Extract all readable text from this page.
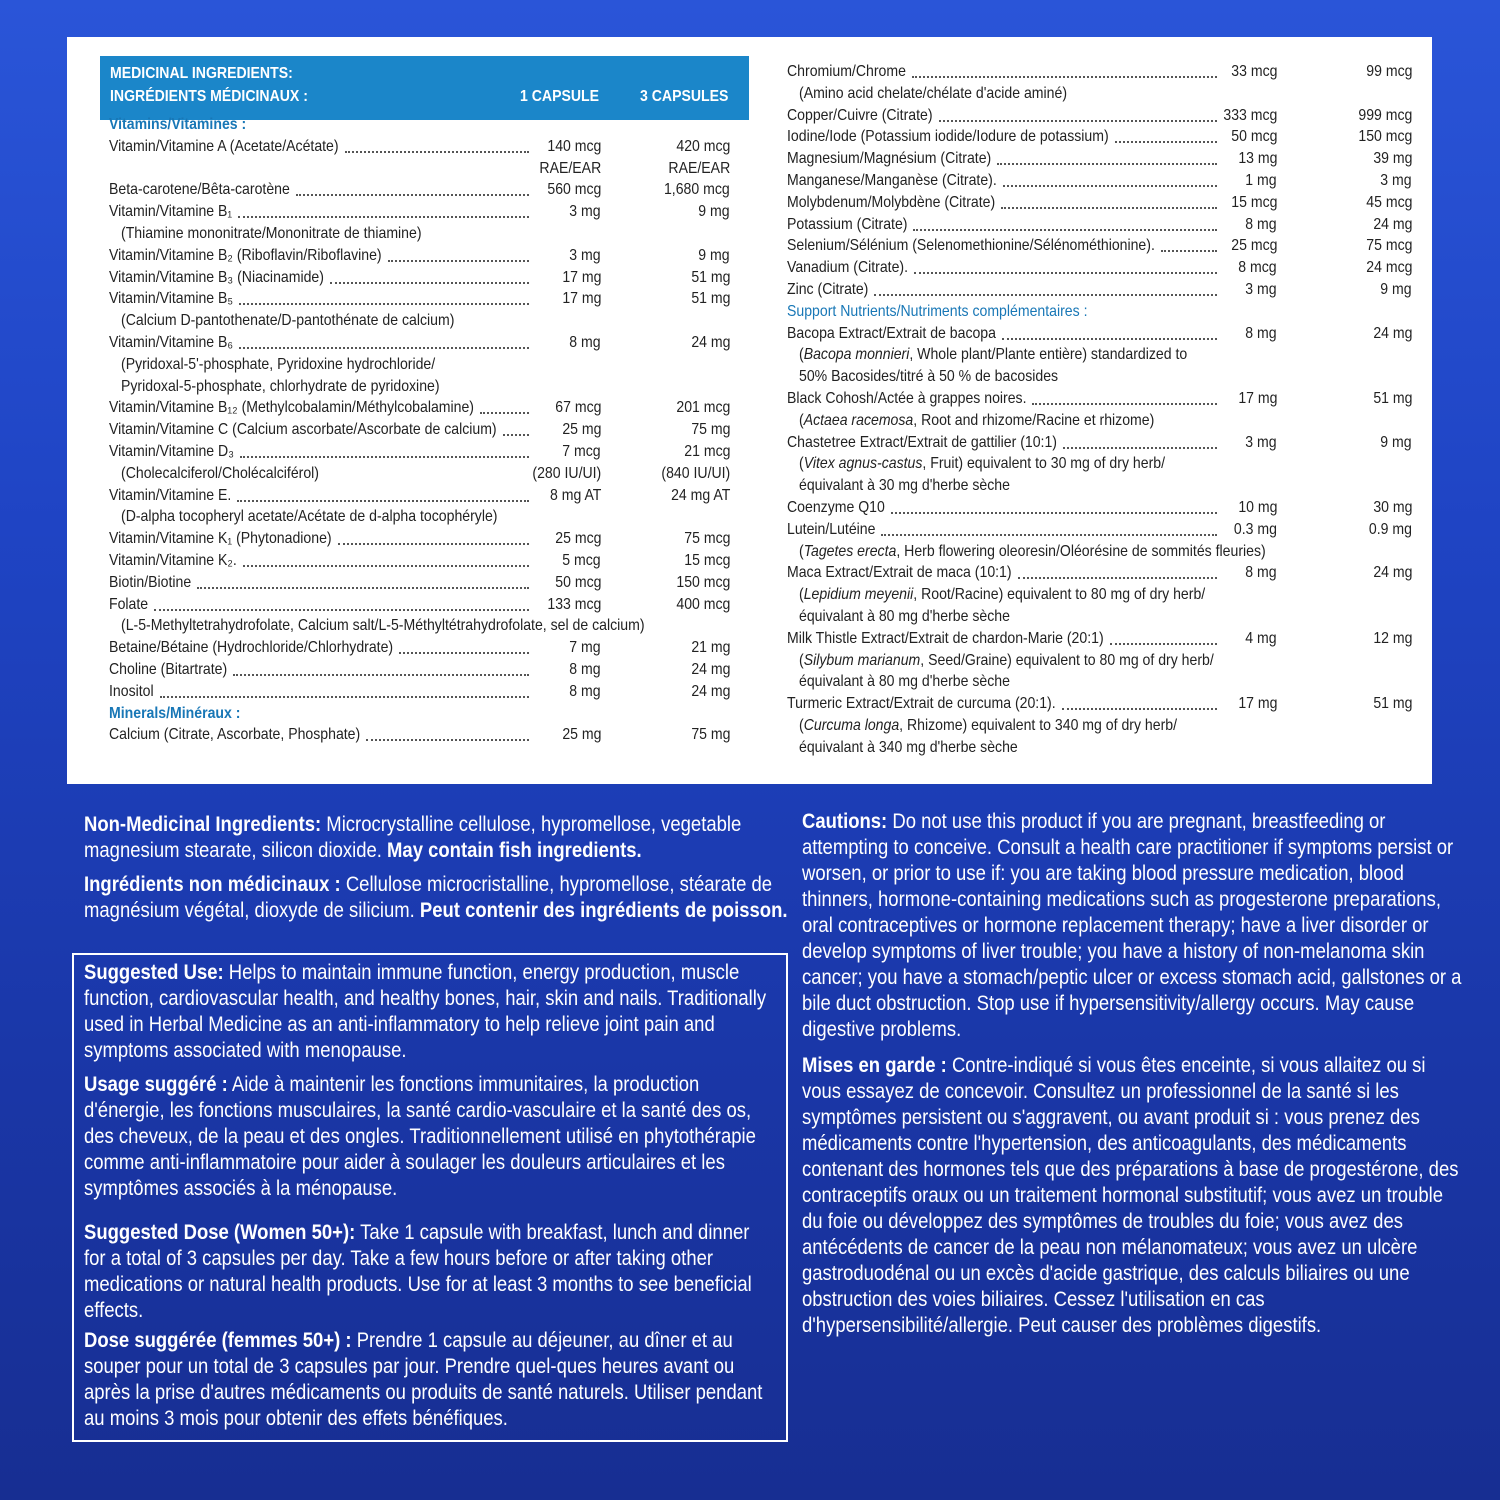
MEDICINAL INGREDIENTS:
INGRÉDIENTS MÉDICINAUX :	1 CAPSULE	3 CAPSULES
Vitamins/Vitamines :
Vitamin/Vitamine A (Acetate/Acétate)	140 mcg	420 mcg
RAE/EAR	RAE/EAR
Beta-carotene/Bêta-carotène	560 mcg	1,680 mcg
Vitamin/Vitamine B₁	3 mg	9 mg
(Thiamine mononitrate/Mononitrate de thiamine)
Vitamin/Vitamine B₂ (Riboflavin/Riboflavine)	3 mg	9 mg
Vitamin/Vitamine B₃ (Niacinamide)	17 mg	51 mg
Vitamin/Vitamine B₅	17 mg	51 mg
(Calcium D-pantothenate/D-pantothénate de calcium)
Vitamin/Vitamine B₆	8 mg	24 mg
(Pyridoxal-5'-phosphate, Pyridoxine hydrochloride/
Pyridoxal-5-phosphate, chlorhydrate de pyridoxine)
Vitamin/Vitamine B₁₂ (Methylcobalamin/Méthylcobalamine)	67 mcg	201 mcg
Vitamin/Vitamine C (Calcium ascorbate/Ascorbate de calcium)	25 mg	75 mg
Vitamin/Vitamine D₃	7 mcg	21 mcg
(Cholecalciferol/Cholécalciférol)	(280 IU/UI)	(840 IU/UI)
Vitamin/Vitamine E.	8 mg AT	24 mg AT
(D-alpha tocopheryl acetate/Acétate de d-alpha tocophéryle)
Vitamin/Vitamine K₁ (Phytonadione)	25 mcg	75 mcg
Vitamin/Vitamine K₂.	5 mcg	15 mcg
Biotin/Biotine	50 mcg	150 mcg
Folate	133 mcg	400 mcg
(L-5-Methyltetrahydrofolate, Calcium salt/L-5-Méthyltétrahydrofolate, sel de calcium)
Betaine/Bétaine (Hydrochloride/Chlorhydrate)	7 mg	21 mg
Choline (Bitartrate)	8 mg	24 mg
Inositol	8 mg	24 mg
Minerals/Minéraux :
Calcium (Citrate, Ascorbate, Phosphate)	25 mg	75 mg
Chromium/Chrome	33 mcg	99 mcg
(Amino acid chelate/chélate d'acide aminé)
Copper/Cuivre (Citrate)	333 mcg	999 mcg
Iodine/Iode (Potassium iodide/Iodure de potassium)	50 mcg	150 mcg
Magnesium/Magnésium (Citrate)	13 mg	39 mg
Manganese/Manganèse (Citrate).	1 mg	3 mg
Molybdenum/Molybdène (Citrate)	15 mcg	45 mcg
Potassium (Citrate)	8 mg	24 mg
Selenium/Sélénium (Selenomethionine/Sélénométhionine).	25 mcg	75 mcg
Vanadium (Citrate).	8 mcg	24 mcg
Zinc (Citrate)	3 mg	9 mg
Support Nutrients/Nutriments complémentaires :
Bacopa Extract/Extrait de bacopa	8 mg	24 mg
(Bacopa monnieri, Whole plant/Plante entière) standardized to
50% Bacosides/titré à 50 % de bacosides
Black Cohosh/Actée à grappes noires.	17 mg	51 mg
(Actaea racemosa, Root and rhizome/Racine et rhizome)
Chastetree Extract/Extrait de gattilier (10:1)	3 mg	9 mg
(Vitex agnus-castus, Fruit) equivalent to 30 mg of dry herb/
équivalant à 30 mg d'herbe sèche
Coenzyme Q10	10 mg	30 mg
Lutein/Lutéine	0.3 mg	0.9 mg
(Tagetes erecta, Herb flowering oleoresin/Oléorésine de sommités fleuries)
Maca Extract/Extrait de maca (10:1)	8 mg	24 mg
(Lepidium meyenii, Root/Racine) equivalent to 80 mg of dry herb/
équivalant à 80 mg d'herbe sèche
Milk Thistle Extract/Extrait de chardon-Marie (20:1)	4 mg	12 mg
(Silybum marianum, Seed/Graine) equivalent to 80 mg of dry herb/
équivalant à 80 mg d'herbe sèche
Turmeric Extract/Extrait de curcuma (20:1).	17 mg	51 mg
(Curcuma longa, Rhizome) equivalent to 340 mg of dry herb/
équivalant à 340 mg d'herbe sèche

Non-Medicinal Ingredients: Microcrystalline cellulose, hypromellose, vegetable magnesium stearate, silicon dioxide. May contain fish ingredients.

Ingrédients non médicinaux : Cellulose microcristalline, hypromellose, stéarate de magnésium végétal, dioxyde de silicium. Peut contenir des ingrédients de poisson.

Suggested Use: Helps to maintain immune function, energy production, muscle function, cardiovascular health, and healthy bones, hair, skin and nails. Traditionally used in Herbal Medicine as an anti-inflammatory to help relieve joint pain and symptoms associated with menopause.

Usage suggéré : Aide à maintenir les fonctions immunitaires, la production d'énergie, les fonctions musculaires, la santé cardio-vasculaire et la santé des os, des cheveux, de la peau et des ongles. Traditionnellement utilisé en phytothérapie comme anti-inflammatoire pour aider à soulager les douleurs articulaires et les symptômes associés à la ménopause.

Suggested Dose (Women 50+): Take 1 capsule with breakfast, lunch and dinner for a total of 3 capsules per day. Take a few hours before or after taking other medications or natural health products. Use for at least 3 months to see beneficial effects.

Dose suggérée (femmes 50+) : Prendre 1 capsule au déjeuner, au dîner et au souper pour un total de 3 capsules par jour. Prendre quel-ques heures avant ou après la prise d'autres médicaments ou produits de santé naturels. Utiliser pendant au moins 3 mois pour obtenir des effets bénéfiques.

Cautions: Do not use this product if you are pregnant, breastfeeding or attempting to conceive. Consult a health care practitioner if symptoms persist or worsen, or prior to use if: you are taking blood pressure medication, blood thinners, hormone-containing medications such as progesterone preparations, oral contraceptives or hormone replacement therapy; have a liver disorder or develop symptoms of liver trouble; you have a history of non-melanoma skin cancer; you have a stomach/peptic ulcer or excess stomach acid, gallstones or a bile duct obstruction. Stop use if hypersensitivity/allergy occurs. May cause digestive problems.

Mises en garde : Contre-indiqué si vous êtes enceinte, si vous allaitez ou si vous essayez de concevoir. Consultez un professionnel de la santé si les symptômes persistent ou s'aggravent, ou avant produit si : vous prenez des médicaments contre l'hypertension, des anticoagulants, des médicaments contenant des hormones tels que des préparations à base de progestérone, des contraceptifs oraux ou un traitement hormonal substitutif; vous avez un trouble du foie ou développez des symptômes de troubles du foie; vous avez des antécédents de cancer de la peau non mélanomateux; vous avez un ulcère gastroduodénal ou un excès d'acide gastrique, des calculs biliaires ou une obstruction des voies biliaires. Cessez l'utilisation en cas d'hypersensibilité/allergie. Peut causer des problèmes digestifs.
